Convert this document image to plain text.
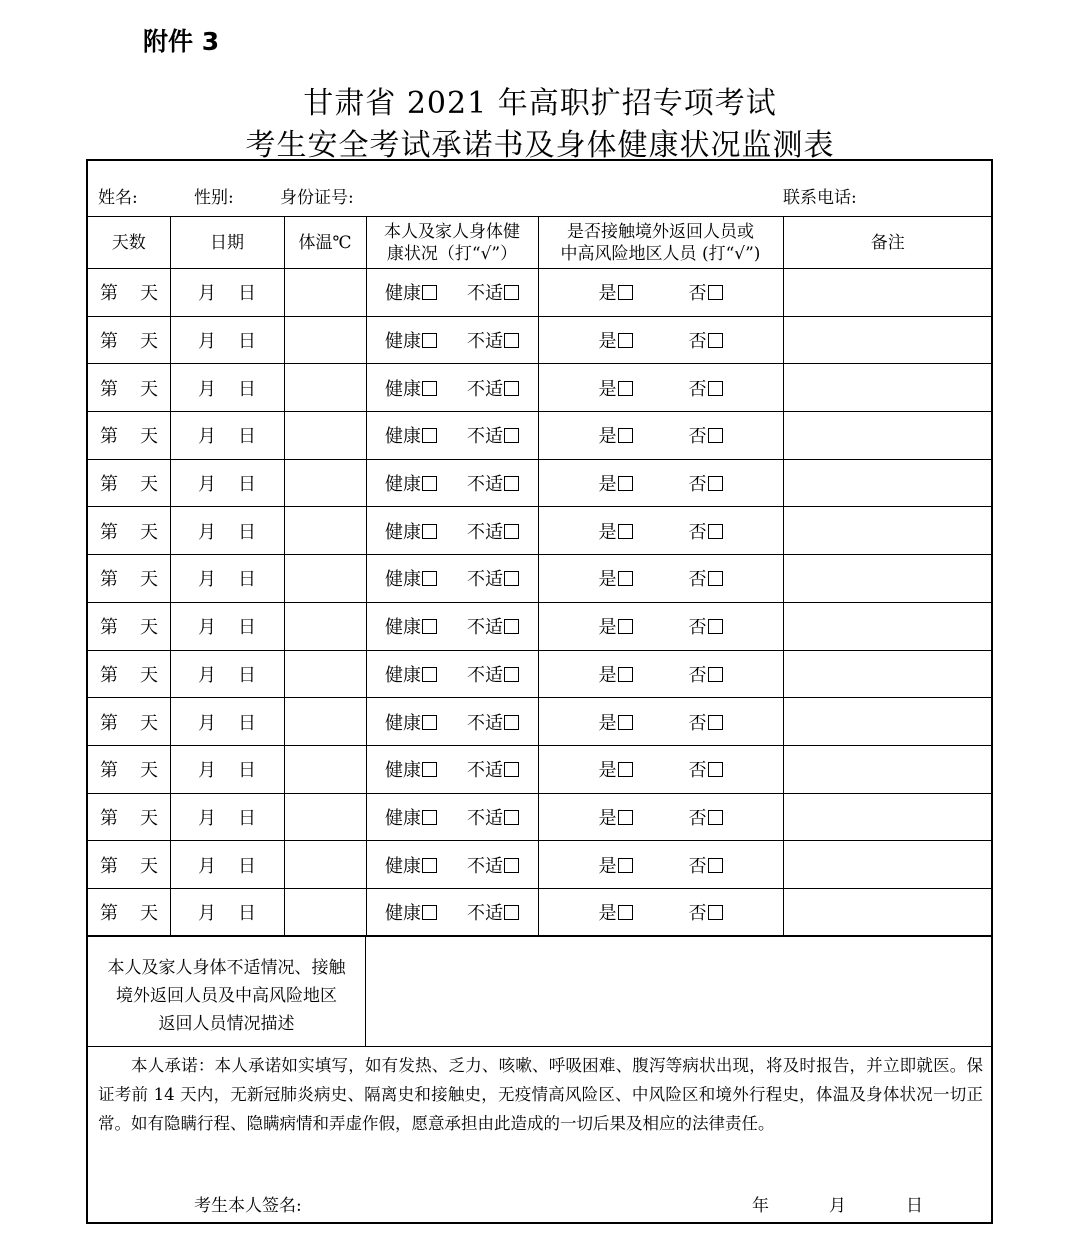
附件 3
甘肃省 2021 年高职扩招专项考试
考生安全考试承诺书及身体健康状况监测表
姓名:	性别:	身份证号:	联系电话:
天数	日期	体温℃	本人及家人身体健
康状况（打“√”）	是否接触境外返回人员或
中高风险地区人员 (打“√”)	备注
第 天	月 日		健康 不适	是 否	
第 天	月 日		健康 不适	是 否	
第 天	月 日		健康 不适	是 否	
第 天	月 日		健康 不适	是 否	
第 天	月 日		健康 不适	是 否	
第 天	月 日		健康 不适	是 否	
第 天	月 日		健康 不适	是 否	
第 天	月 日		健康 不适	是 否	
第 天	月 日		健康 不适	是 否	
第 天	月 日		健康 不适	是 否	
第 天	月 日		健康 不适	是 否	
第 天	月 日		健康 不适	是 否	
第 天	月 日		健康 不适	是 否	
第 天	月 日		健康 不适	是 否	
本人及家人身体不适情况、接触
境外返回人员及中高风险地区
返回人员情况描述
本人承诺：本人承诺如实填写，如有发热、乏力、咳嗽、呼吸困难、腹泻等病状出现，将及时报告，并立即就医。保证考前 14 天内，无新冠肺炎病史、隔离史和接触史，无疫情高风险区、中风险区和境外行程史，体温及身体状况一切正常。如有隐瞒行程、隐瞒病情和弄虚作假，愿意承担由此造成的一切后果及相应的法律责任。
考生本人签名:	年	月	日
